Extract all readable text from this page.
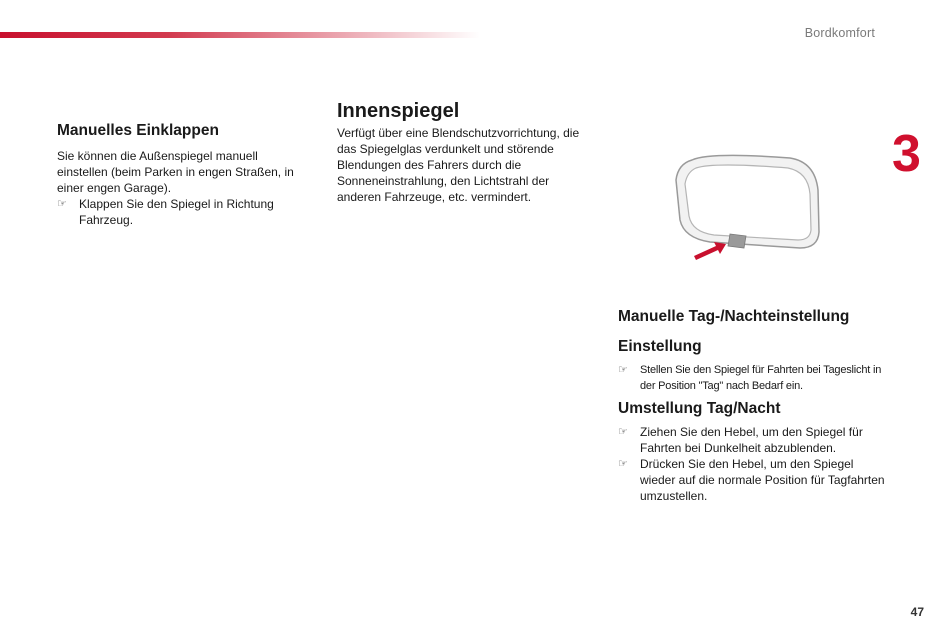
Bordkomfort
3
Manuelles Einklappen

Sie können die Außenspiegel manuell einstellen (beim Parken in engen Straßen, in einer engen Garage).

☞	Klappen Sie den Spiegel in Richtung Fahrzeug.
Innenspiegel

Verfügt über eine Blendschutzvorrichtung, die das Spiegelglas verdunkelt und störende Blendungen des Fahrers durch die Sonneneinstrahlung, den Lichtstrahl der anderen Fahrzeuge, etc. vermindert.

Manuelle Tag-/Nachteinstellung
Einstellung
☞	Stellen Sie den Spiegel für Fahrten bei Tageslicht in der Position "Tag" nach Bedarf ein.
Umstellung Tag/Nacht
☞	Ziehen Sie den Hebel, um den Spiegel für Fahrten bei Dunkelheit abzublenden.
☞	Drücken Sie den Hebel, um den Spiegel wieder auf die normale Position für Tagfahrten umzustellen.
47
